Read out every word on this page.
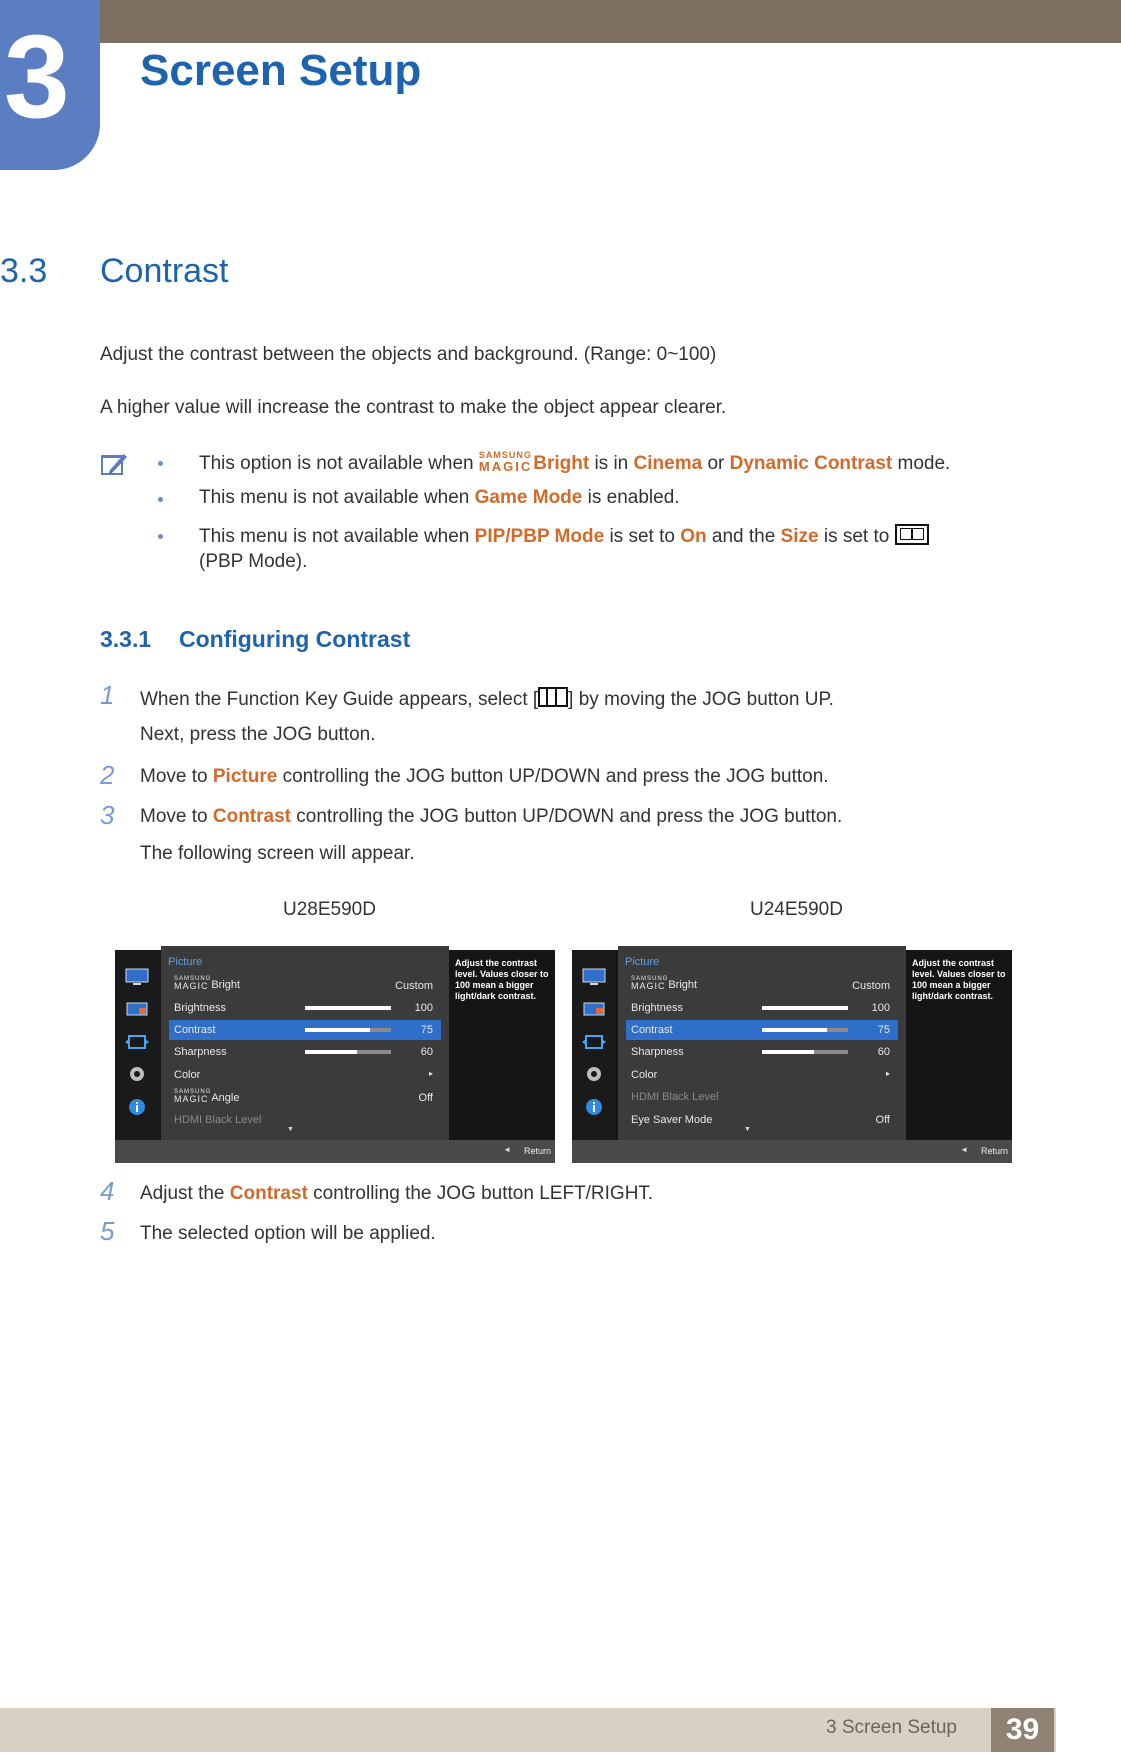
3 Screen Setup
3.3 Contrast
Adjust the contrast between the objects and background. (Range: 0~100)
A higher value will increase the contrast to make the object appear clearer.
This option is not available when SAMSUNG
MAGIC Bright is in Cinema or Dynamic Contrast mode.
This menu is not available when Game Mode is enabled.
This menu is not available when PIP/PBP Mode is set to On and the Size is set to
(PBP Mode).
3.3.1 Configuring Contrast
1 When the Function Key Guide appears, select [ ] by moving the JOG button UP.
Next, press the JOG button.
2 Move to Picture controlling the JOG button UP/DOWN and press the JOG button.
3 Move to Contrast controlling the JOG button UP/DOWN and press the JOG button.
The following screen will appear.
U28E590D	U24E590D
Picture
SAMSUNG
MAGIC Bright	Custom
Brightness	100
Contrast	75
Sharpness	60
Color	▸
SAMSUNG
MAGIC Angle	Off
HDMI Black Level
▼
Adjust the contrast level. Values closer to 100 mean a bigger light/dark contrast.
◄ Return
Picture
SAMSUNG
MAGIC Bright	Custom
Brightness	100
Contrast	75
Sharpness	60
Color	▸
HDMI Black Level
Eye Saver Mode	Off
▼
Adjust the contrast level. Values closer to 100 mean a bigger light/dark contrast.
◄ Return
4 Adjust the Contrast controlling the JOG button LEFT/RIGHT.
5 The selected option will be applied.
3 Screen Setup	39
